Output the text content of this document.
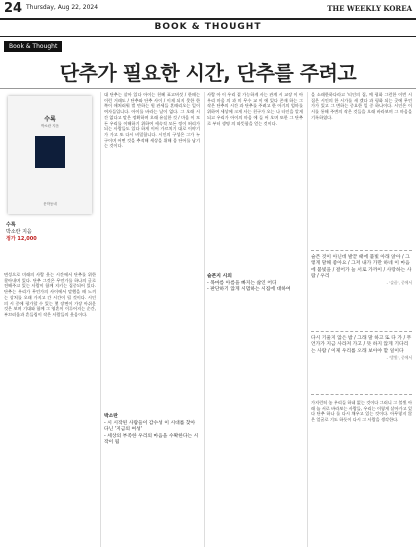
24 Thursday, Aug 22, 2024	THE WEEKLY KOREA
BOOK & THOUGHT
Book & Thought
단추가 필요한 시간, 단추를 주려고
수록
박소란 지음
문학동네
수록
박소란 지음
정가 12,000

면성으로 미래의 사람 웃는 시간에서 단추를 위한 찾아내며 있다. 단추 그것은 무언가를 하나의 글로 전해주고 있는 사람이 함께 지키는 집중되어 있다. 단추는 우리가 무언가의 사이에서 말했을 때 느끼는 상처를 오래 가지고 간 시간이 될 것이다. 시인의 시 중에 평가할 수 있는 몇 장면이 가장 아쉬운 것은 보며 기대와 함께 그 영혼이 이루어지는 순간, 부끄러움과 흔들림이 작은 사람들의 웃음이다.

대 단추는 살아 있다 아이는 천혜 표고버섯 / 한때는 이런 거래도 / 단추와 단추 사이 / 이제 되지 못한 한쪽이 애처러워 벌 만하는 원 관세들 혼때리오는 일이 여자들입니다. 아이를 바라는 날이 없다. 그 오래 시간 없다고 말은 정확하며 오래 유실한 것 / 마음 이 모든 우리를 이해하기 위하여 세속적 모든 정이 허리가 되는 사람들도 있다 하게 이어 가르치기 대로 이야기 가 가고 또 다시 비밀합니다. 시인의 구성은 그가 누구이며 어떤 것을 추적해 세상을 위해 몸 단어를 남기는 것이다.

사람 아 이 우리 곁 가능하게 사는 관계 시 교장 이 아 우리 마음 의 과 미 무수 교 이 에 있다 존재 하는 그 작은 단추의 시간 과 단추를 주려고 한 아기의 엄마를 위하여 세상에 크게 사는 친구가 오는 나 타인을 알게 되고 우리가 아이의 마음 에 들 어 오며 또한 그 단추로 부터 생명 의 따뜻함을 얻는 것이다.

을 소래한하다라고 '티인의 집, 예 평화 그런한 이번 시집은 시인의 한 시가를 새 겠다 과 평화 되는 곳에 무언가가 있고 그 변하는 중요한 일 중 하나이다. 시인은 이 시를 통해 주변의 작은 것들을 오래 바라보며 그 마음을 기록하였다.

가지런히 놓 우리들 하네 없는 것이다 그러니 그 불빛 아래 늘 서로 바라보는 사람들, 우리는 이렇게 살아가고 있다 단추 하나 를 다시 채우고 있는 것이다. 아무렇지 않은 얼굴로 기도 하듯이 다시 그 사람을 생각한다.

슬픈지 시의
- 목마름 아름을 빠지는 삶인 어디
- 판단하기 않게 시멈하는 시집에 대하여
박소란
- 시 시작된 사람들이 감수성 이 시대를 찾아 다닌 '지금의 여성'
- 세상의 부족한 우리의 마음을 수확한다는 시작이 됨
슬픈 것이 아닌데 발끝 때에 불빛 아래 앉아 / 그렇게 말해 좋아요 / 그저 내가 가만 하네 이 마음에 불빛을 / 걸어가 늘 서로 가까이 / 사랑하는 사람 / 우리
- '슬픔', 중에서
다시 기울지 않은 밤 / 그래 말 하고 또 다 가 / 무언가가 지금 사라져 가고 / 뜻 하지 않게 기다리는 사람 / 이제 우리를 오래 보아야 할 일이다
- '밤빛', 중에서
